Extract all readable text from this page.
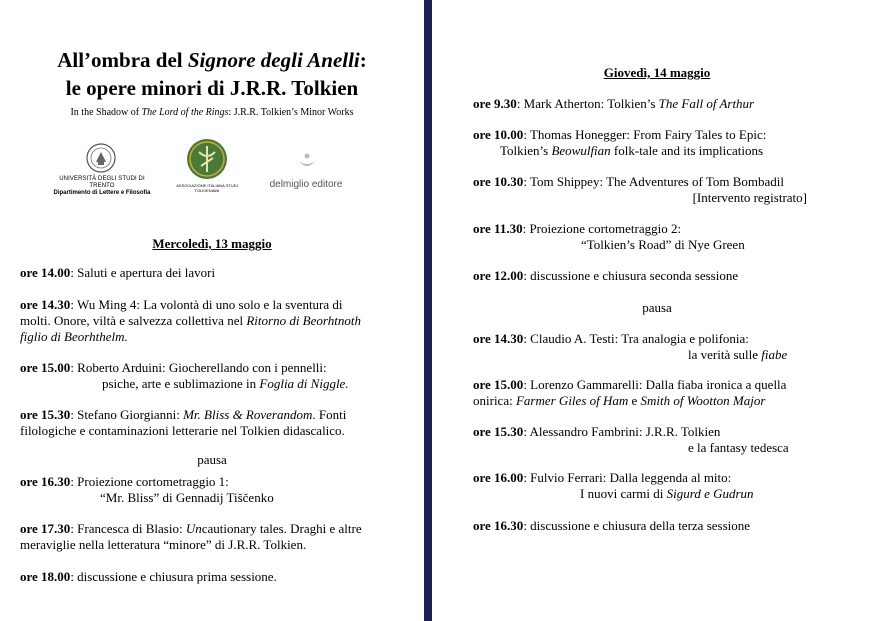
All’ombra del Signore degli Anelli:
le opere minori di J.R.R. Tolkien
In the Shadow of The Lord of the Rings: J.R.R. Tolkien’s Minor Works
UNIVERSITÀ DEGLI STUDI DI TRENTO
Dipartimento di Lettere e Filosofia
ASSOCIAZIONE ITALIANA STUDI TOLKIENIANI
delmiglio editore
Mercoledì, 13 maggio
ore 14.00: Saluti e apertura dei lavori
ore 14.30: Wu Ming 4: La volontà di uno solo e la sventura di
molti. Onore, viltà e salvezza collettiva nel Ritorno di Beorhtnoth
figlio di Beorhthelm.
ore 15.00: Roberto Arduini: Giocherellando con i pennelli:
psiche, arte e sublimazione in Foglia di Niggle.
ore 15.30: Stefano Giorgianni: Mr. Bliss & Roverandom. Fonti
filologiche e contaminazioni letterarie nel Tolkien didascalico.
pausa
ore 16.30: Proiezione cortometraggio 1:
“Mr. Bliss” di Gennadij Tiščenko
ore 17.30: Francesca di Blasio: Uncautionary tales. Draghi e altre
meraviglie nella letteratura “minore” di J.R.R. Tolkien.
ore 18.00: discussione e chiusura prima sessione.
Giovedì, 14 maggio
ore 9.30: Mark Atherton: Tolkien’s The Fall of Arthur
ore 10.00: Thomas Honegger: From Fairy Tales to Epic:
Tolkien’s Beowulfian folk-tale and its implications
ore 10.30: Tom Shippey: The Adventures of Tom Bombadil
[Intervento registrato]
ore 11.30: Proiezione cortometraggio 2:
“Tolkien’s Road” di Nye Green
ore 12.00: discussione e chiusura seconda sessione
pausa
ore 14.30: Claudio A. Testi: Tra analogia e polifonia:
la verità sulle fiabe
ore 15.00: Lorenzo Gammarelli: Dalla fiaba ironica a quella
onirica: Farmer Giles of Ham e Smith of Wootton Major
ore 15.30: Alessandro Fambrini: J.R.R. Tolkien
e la fantasy tedesca
ore 16.00: Fulvio Ferrari: Dalla leggenda al mito:
I nuovi carmi di Sigurd e Gudrun
ore 16.30: discussione e chiusura della terza sessione
